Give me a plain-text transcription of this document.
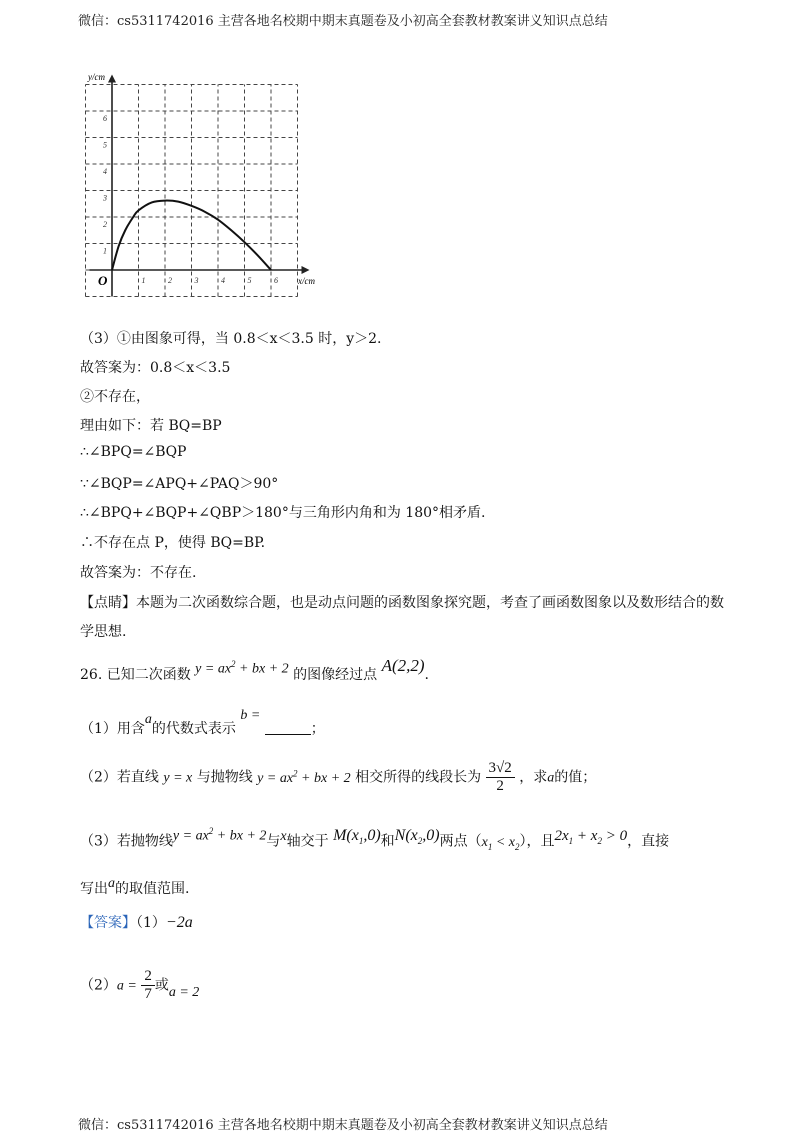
微信：cs5311742016 主营各地名校期中期末真题卷及小初高全套教材教案讲义知识点总结
1	2	3	4	5	6
1
2
3
4
5
6
x/cm
y/cm
O
（3）①由图象可得，当 0.8＜x＜3.5 时，y＞2.
故答案为：0.8＜x＜3.5
②不存在，
理由如下：若 BQ=BP
∴∠BPQ=∠BQP
∵∠BQP=∠APQ+∠PAQ＞90°
∴∠BPQ+∠BQP+∠QBP＞180°与三角形内角和为 180°相矛盾.
∴不存在点 P，使得 BQ=BP.
故答案为：不存在.
【点睛】本题为二次函数综合题，也是动点问题的函数图象探究题，考查了画函数图象以及数形结合的数
学思想.
26. 已知二次函数 $y = ax^2$ + bx + 2 的图像经过点 A(2,2).
（1）用含a的代数式表示 b = ；
（2）若直线 y = x 与抛物线 $y = ax^2$ + bx + 2 相交所得的线段长为 $\frac{3√2}{2}$ ，求a的值；
（3）若抛物线$y = ax^2$ + bx + 2与x轴交于 $M(x_1,0)$和$N(x_2,0)$两点$(x_1 < x_2)$，且$2x_1 + x_2 > 0$，直接
写出a的取值范围.
【答案】（1）−2a
$(2)a = \frac{2}{7}$ 或a = 2
微信：cs5311742016 主营各地名校期中期末真题卷及小初高全套教材教案讲义知识点总结
